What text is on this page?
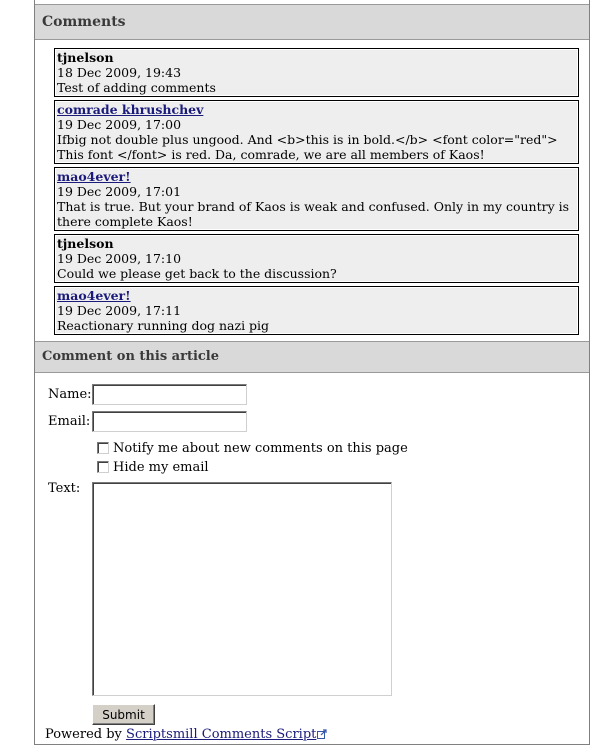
Comments
tjnelson
18 Dec 2009, 19:43
Test of adding comments
comrade khrushchev
19 Dec 2009, 17:00
Ifbig not double plus ungood. And <b>this is in bold.</b> <font color="red"> This font </font> is red. Da, comrade, we are all members of Kaos!
mao4ever!
19 Dec 2009, 17:01
That is true. But your brand of Kaos is weak and confused. Only in my country is there complete Kaos!
tjnelson
19 Dec 2009, 17:10
Could we please get back to the discussion?
mao4ever!
19 Dec 2009, 17:11
Reactionary running dog nazi pig
Comment on this article
Name:
Email:
Notify me about new comments on this page
Hide my email
Text:
Submit
Powered by Scriptsmill Comments Script
